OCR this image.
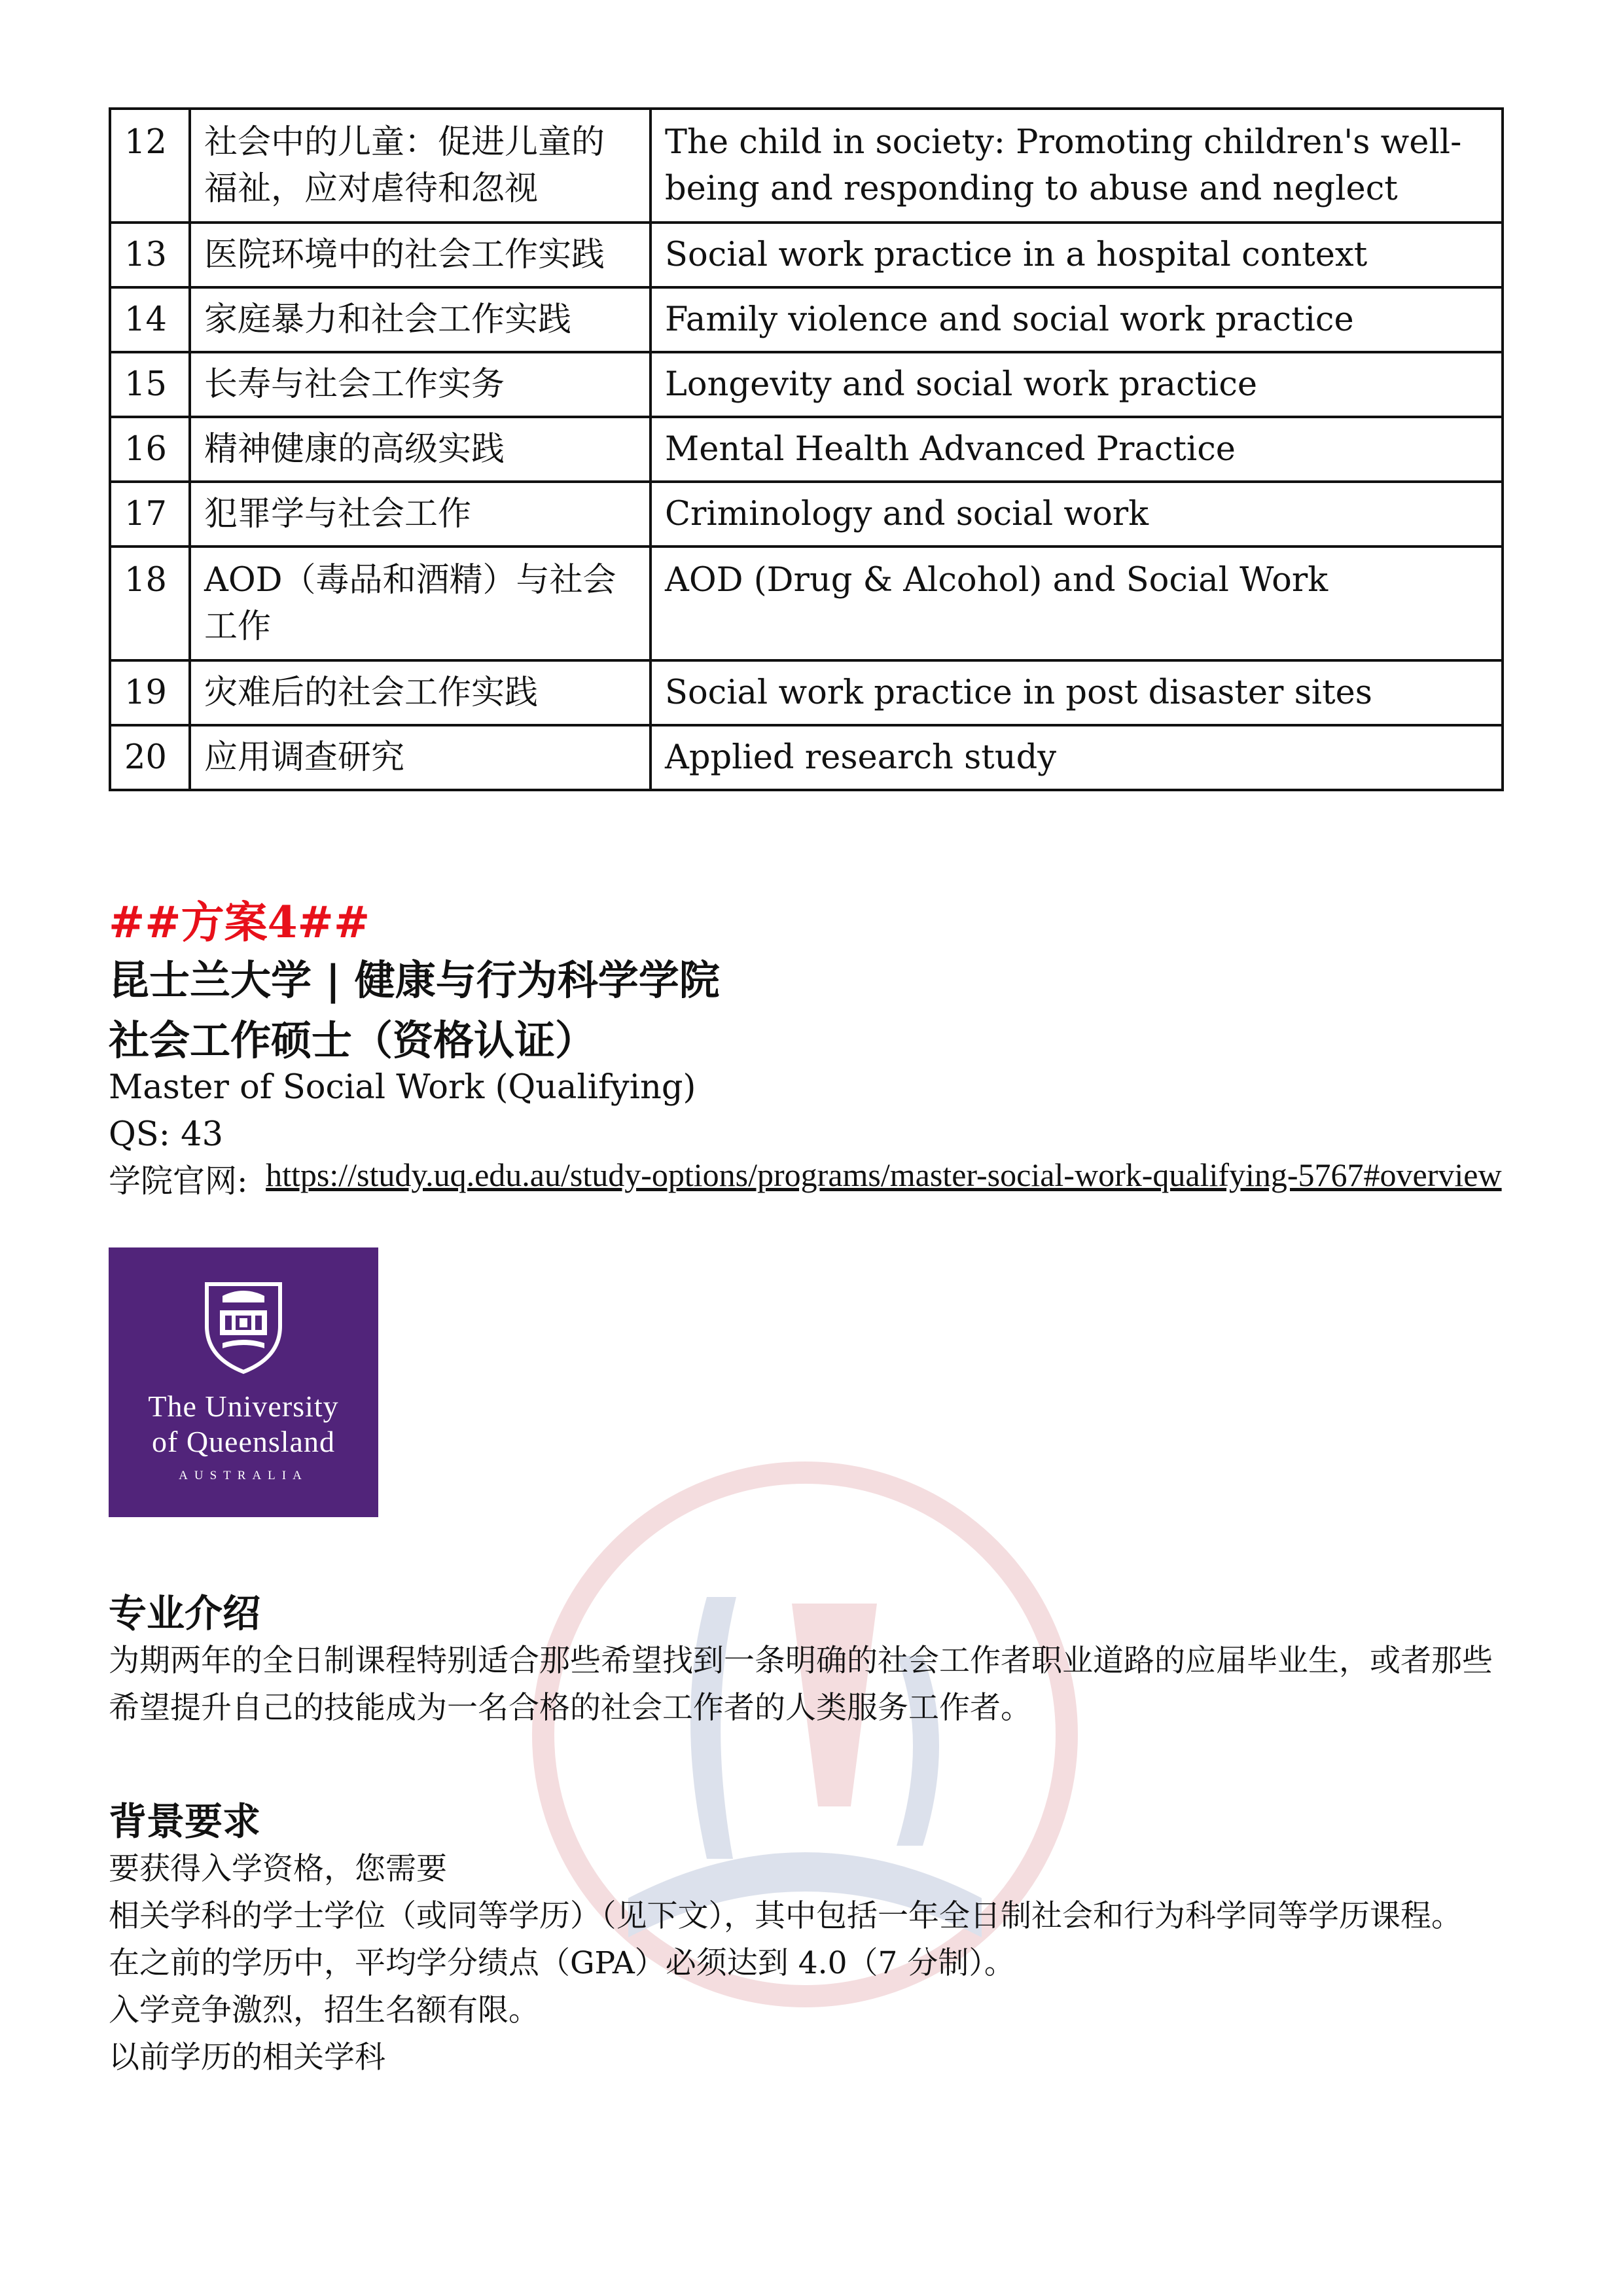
12	社会中的儿童：促进儿童的福祉，应对虐待和忽视	The child in society: Promoting children's well-being and responding to abuse and neglect
13	医院环境中的社会工作实践	Social work practice in a hospital context
14	家庭暴力和社会工作实践	Family violence and social work practice
15	长寿与社会工作实务	Longevity and social work practice
16	精神健康的高级实践	Mental Health Advanced Practice
17	犯罪学与社会工作	Criminology and social work
18	AOD（毒品和酒精）与社会工作	AOD (Drug & Alcohol) and Social Work
19	灾难后的社会工作实践	Social work practice in post disaster sites
20	应用调查研究	Applied research study
##方案4##
昆士兰大学 | 健康与行为科学学院
社会工作硕士（资格认证）
Master of Social Work (Qualifying)
QS: 43
学院官网: https://study.uq.edu.au/study-options/programs/master-social-work-qualifying-5767#overview
The University
of Queensland
AUSTRALIA
专业介绍
为期两年的全日制课程特别适合那些希望找到一条明确的社会工作者职业道路的应届毕业生，或者那些希望提升自己的技能成为一名合格的社会工作者的人类服务工作者。
背景要求

要获得入学资格，您需要

相关学科的学士学位（或同等学历）（见下文），其中包括一年全日制社会和行为科学同等学历课程。

在之前的学历中，平均学分绩点（GPA）必须达到 4.0（7 分制）。

入学竞争激烈，招生名额有限。

以前学历的相关学科
